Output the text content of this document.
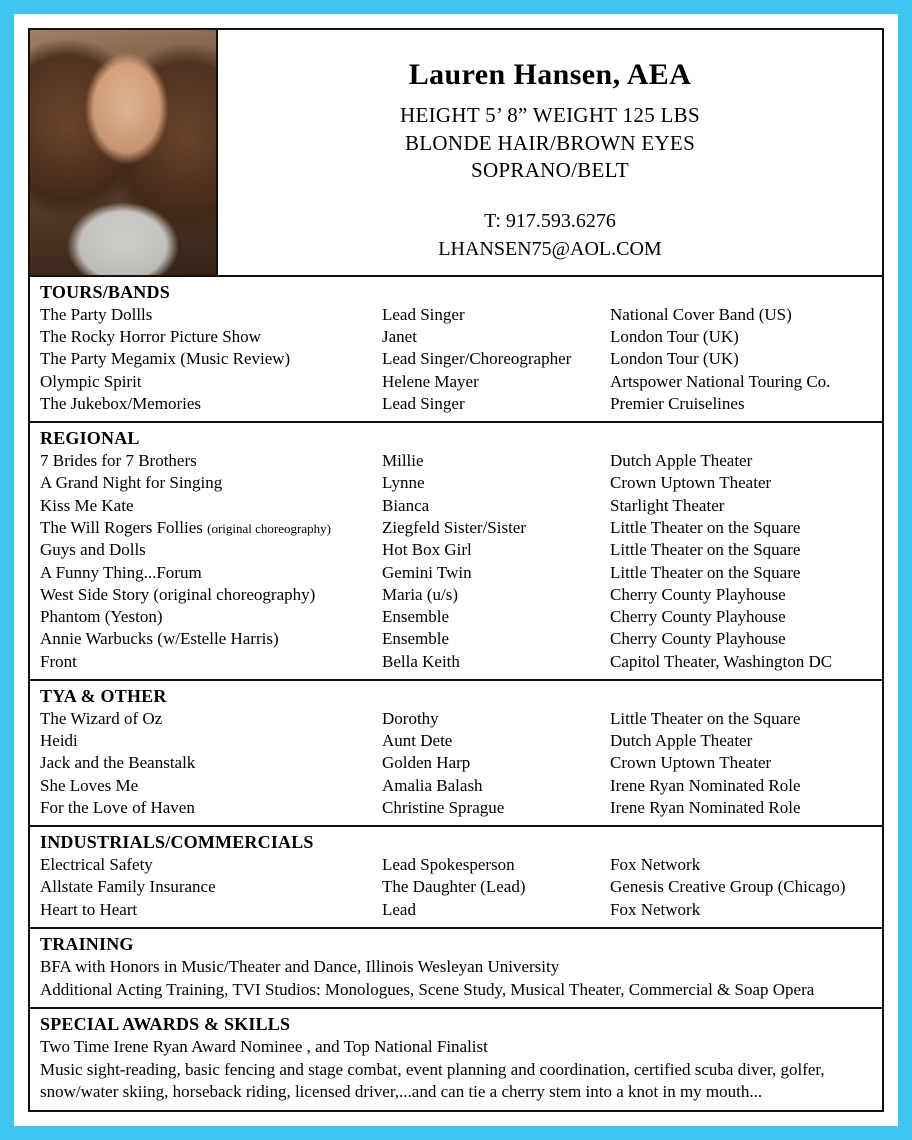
Lauren Hansen, AEA
HEIGHT 5’ 8” WEIGHT 125 LBS
BLONDE HAIR/BROWN EYES
SOPRANO/BELT
T: 917.593.6276
LHANSEN75@AOL.COM
TOURS/BANDS
The Party Dollls	Lead Singer	National Cover Band (US)
The Rocky Horror Picture Show	Janet	London Tour (UK)
The Party Megamix (Music Review)	Lead Singer/Choreographer	London Tour (UK)
Olympic Spirit	Helene Mayer	Artspower National Touring Co.
The Jukebox/Memories	Lead Singer	Premier Cruiselines
REGIONAL
7 Brides for 7 Brothers	Millie	Dutch Apple Theater
A Grand Night for Singing	Lynne	Crown Uptown Theater
Kiss Me Kate	Bianca	Starlight Theater
The Will Rogers Follies (original choreography)	Ziegfeld Sister/Sister	Little Theater on the Square
Guys and Dolls	Hot Box Girl	Little Theater on the Square
A Funny Thing...Forum	Gemini Twin	Little Theater on the Square
West Side Story (original choreography)	Maria (u/s)	Cherry County Playhouse
Phantom (Yeston)	Ensemble	Cherry County Playhouse
Annie Warbucks (w/Estelle Harris)	Ensemble	Cherry County Playhouse
Front	Bella Keith	Capitol Theater, Washington DC
TYA & OTHER
The Wizard of Oz	Dorothy	Little Theater on the Square
Heidi	Aunt Dete	Dutch Apple Theater
Jack and the Beanstalk	Golden Harp	Crown Uptown Theater
She Loves Me	Amalia Balash	Irene Ryan Nominated Role
For the Love of Haven	Christine Sprague	Irene Ryan Nominated Role
INDUSTRIALS/COMMERCIALS
Electrical Safety	Lead Spokesperson	Fox Network
Allstate Family Insurance	The Daughter (Lead)	Genesis Creative Group (Chicago)
Heart to Heart	Lead	Fox Network
TRAINING
BFA with Honors in Music/Theater and Dance, Illinois Wesleyan University
Additional Acting Training, TVI Studios: Monologues, Scene Study, Musical Theater, Commercial & Soap Opera
SPECIAL AWARDS & SKILLS
Two Time Irene Ryan Award Nominee , and Top National Finalist
Music sight-reading, basic fencing and stage combat, event planning and coordination, certified scuba diver, golfer,
snow/water skiing, horseback riding, licensed driver,...and can tie a cherry stem into a knot in my mouth...
